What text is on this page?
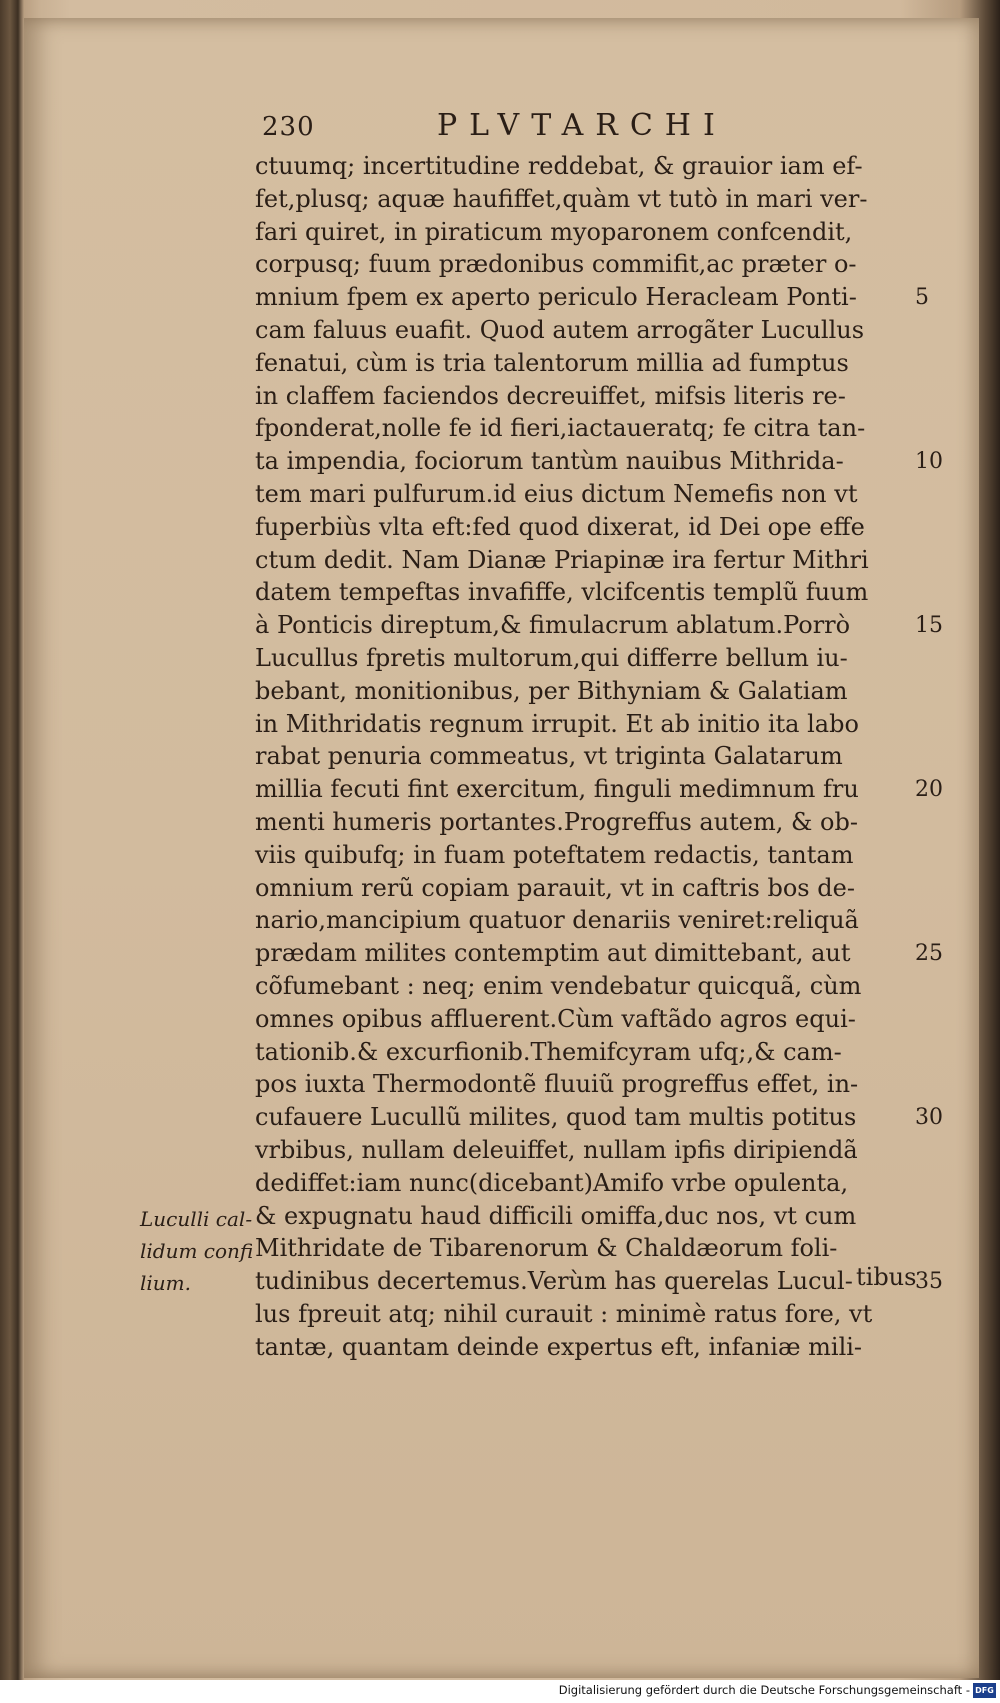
230	PLVTARCHI
ctuumq; incertitudine reddebat, & grauior iam ef-
fet,plusq; aquæ haufiffet,quàm vt tutò in mari ver-
fari quiret, in piraticum myoparonem confcendit,
corpusq; fuum prædonibus commifit,ac præter o-
mnium fpem ex aperto periculo Heracleam Ponti-
cam faluus euafit. Quod autem arrogãter Lucullus
fenatui, cùm is tria talentorum millia ad fumptus
in claffem faciendos decreuiffet, mifsis literis re-
fponderat,nolle fe id fieri,iactaueratq; fe citra tan-
ta impendia, fociorum tantùm nauibus Mithrida-
tem mari pulfurum.id eius dictum Nemefis non vt
fuperbiùs vlta eft:fed quod dixerat, id Dei ope effe
ctum dedit. Nam Dianæ Priapinæ ira fertur Mithri
datem tempeftas invafiffe, vlcifcentis templũ fuum
à Ponticis direptum,& fimulacrum ablatum.Porrò
Lucullus fpretis multorum,qui differre bellum iu-
bebant, monitionibus, per Bithyniam & Galatiam
in Mithridatis regnum irrupit. Et ab initio ita labo
rabat penuria commeatus, vt triginta Galatarum
millia fecuti fint exercitum, finguli medimnum fru
menti humeris portantes.Progreffus autem, & ob-
viis quibufq; in fuam poteftatem redactis, tantam
omnium rerũ copiam parauit, vt in caftris bos de-
nario,mancipium quatuor denariis veniret:reliquã
prædam milites contemptim aut dimittebant, aut
cõfumebant : neq; enim vendebatur quicquã, cùm
omnes opibus affluerent.Cùm vaftãdo agros equi-
tationib.& excurfionib.Themifcyram ufq;,& cam-
pos iuxta Thermodontẽ fluuiũ progreffus effet, in-
cufauere Lucullũ milites, quod tam multis potitus
vrbibus, nullam deleuiffet, nullam ipfis diripiendã
dediffet:iam nunc(dicebant)Amifo vrbe opulenta,
& expugnatu haud difficili omiffa,duc nos, vt cum
Mithridate de Tibarenorum & Chaldæorum foli-
tudinibus decertemus.Verùm has querelas Lucul-
lus fpreuit atq; nihil curauit : minimè ratus fore, vt
tantæ, quantam deinde expertus eft, infaniæ mili-
tibus
5
10
15
20
25
30
35
Luculli cal-
lidum confi
lium.
Digitalisierung gefördert durch die Deutsche Forschungsgemeinschaft - DFG
